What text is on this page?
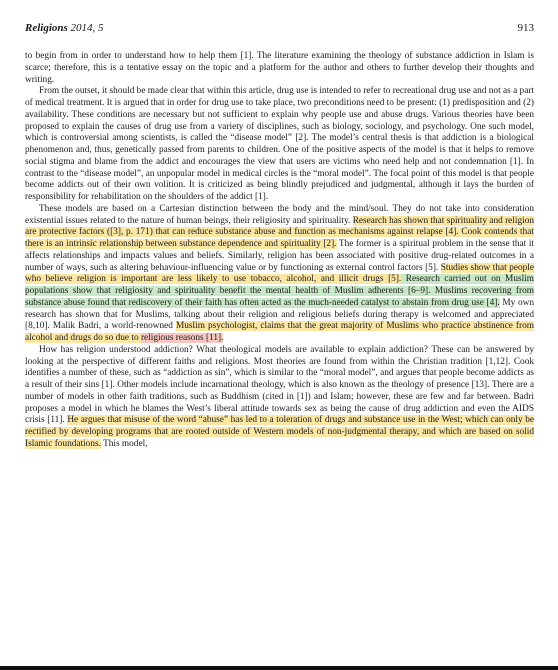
Religions 2014, 5	913

to begin from in order to understand how to help them [1]. The literature examining the theology of substance addiction in Islam is scarce; therefore, this is a tentative essay on the topic and a platform for the author and others to further develop their thoughts and writing.

From the outset, it should be made clear that within this article, drug use is intended to refer to recreational drug use and not as a part of medical treatment. It is argued that in order for drug use to take place, two preconditions need to be present: (1) predisposition and (2) availability. These conditions are necessary but not sufficient to explain why people use and abuse drugs. Various theories have been proposed to explain the causes of drug use from a variety of disciplines, such as biology, sociology, and psychology. One such model, which is controversial among scientists, is called the “disease model” [2]. The model’s central thesis is that addiction is a biological phenomenon and, thus, genetically passed from parents to children. One of the positive aspects of the model is that it helps to remove social stigma and blame from the addict and encourages the view that users are victims who need help and not condemnation [1]. In contrast to the “disease model”, an unpopular model in medical circles is the “moral model”. The focal point of this model is that people become addicts out of their own volition. It is criticized as being blindly prejudiced and judgmental, although it lays the burden of responsibility for rehabilitation on the shoulders of the addict [1].

These models are based on a Cartesian distinction between the body and the mind/soul. They do not take into consideration existential issues related to the nature of human beings, their religiosity and spirituality. Research has shown that spirituality and religion are protective factors ([3], p. 171) that can reduce substance abuse and function as mechanisms against relapse [4]. Cook contends that there is an intrinsic relationship between substance dependence and spirituality [2]. The former is a spiritual problem in the sense that it affects relationships and impacts values and beliefs. Similarly, religion has been associated with positive drug-related outcomes in a number of ways, such as altering behaviour-influencing value or by functioning as external control factors [5]. Studies show that people who believe religion is important are less likely to use tobacco, alcohol, and illicit drugs [5]. Research carried out on Muslim populations show that religiosity and spirituality benefit the mental health of Muslim adherents [6–9]. Muslims recovering from substance abuse found that rediscovery of their faith has often acted as the much-needed catalyst to abstain from drug use [4]. My own research has shown that for Muslims, talking about their religion and religious beliefs during therapy is welcomed and appreciated [8,10]. Malik Badri, a world-renowned Muslim psychologist, claims that the great majority of Muslims who practice abstinence from alcohol and drugs do so due to religious reasons [11].

How has religion understood addiction? What theological models are available to explain addiction? These can be answered by looking at the perspective of different faiths and religions. Most theories are found from within the Christian tradition [1,12]. Cook identifies a number of these, such as “addiction as sin”, which is similar to the “moral model”, and argues that people become addicts as a result of their sins [1]. Other models include incarnational theology, which is also known as the theology of presence [13]. There are a number of models in other faith traditions, such as Buddhism (cited in [1]) and Islam; however, these are few and far between. Badri proposes a model in which he blames the West’s liberal attitude towards sex as being the cause of drug addiction and even the AIDS crisis [11]. He argues that misuse of the word “abuse” has led to a toleration of drugs and substance use in the West; which can only be rectified by developing programs that are rooted outside of Western models of non-judgmental therapy, and which are based on solid Islamic foundations. This model,
